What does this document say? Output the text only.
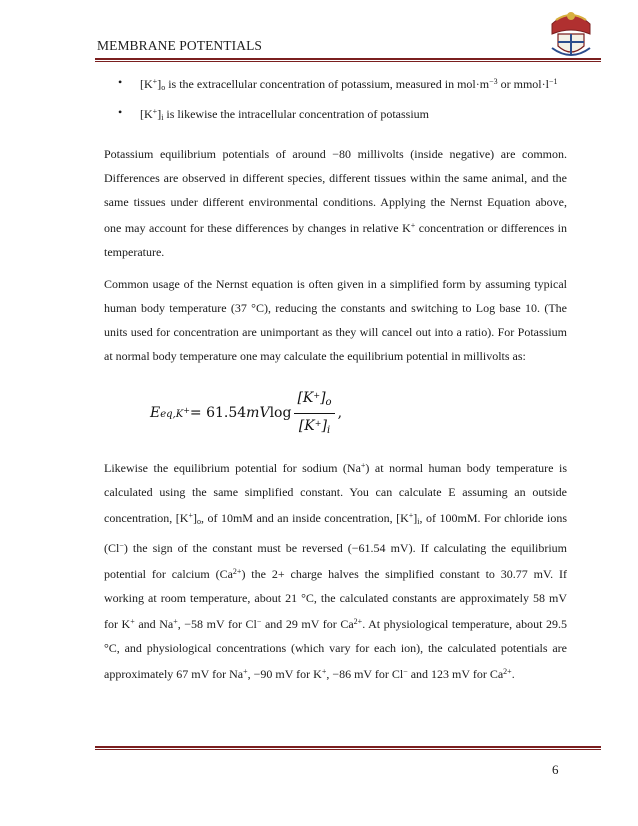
MEMBRANE POTENTIALS
• [K+]o is the extracellular concentration of potassium, measured in $mol\cdot m^{-3}$ or $mmol\cdot l^{-1}$
• [K+]i is likewise the intracellular concentration of potassium

Potassium equilibrium potentials of around −80 millivolts (inside negative) are common. Differences are observed in different species, different tissues within the same animal, and the same tissues under different environmental conditions. Applying the Nernst Equation above, one may account for these differences by changes in relative K+ concentration or differences in temperature.

Common usage of the Nernst equation is often given in a simplified form by assuming typical human body temperature (37 °C), reducing the constants and switching to Log base 10. (The units used for concentration are unimportant as they will cancel out into a ratio). For Potassium at normal body temperature one may calculate the equilibrium potential in millivolts as:

E eq,K+ = 61.54 mV $\log \frac{[K^+]_o}{[K^+]_i}$ ,

Likewise the equilibrium potential for sodium (Na+) at normal human body temperature is calculated using the same simplified constant. You can calculate E assuming an outside concentration, [K+]o, of 10mM and an inside concentration, [K+]i, of 100mM. For chloride ions (Cl−) the sign of the constant must be reversed (−61.54 mV). If calculating the equilibrium potential for calcium $(Ca^{2+})$ the 2+ charge halves the simplified constant to 30.77 mV. If working at room temperature, about 21 °C, the calculated constants are approximately 58 mV for K+ and Na+, −58 mV for Cl− and 29 mV for $Ca^{2+}$. At physiological temperature, about 29.5 °C, and physiological concentrations (which vary for each ion), the calculated potentials are approximately 67 mV for Na+, −90 mV for K+, −86 mV for Cl− and 123 mV for $Ca^{2+}$.

6
